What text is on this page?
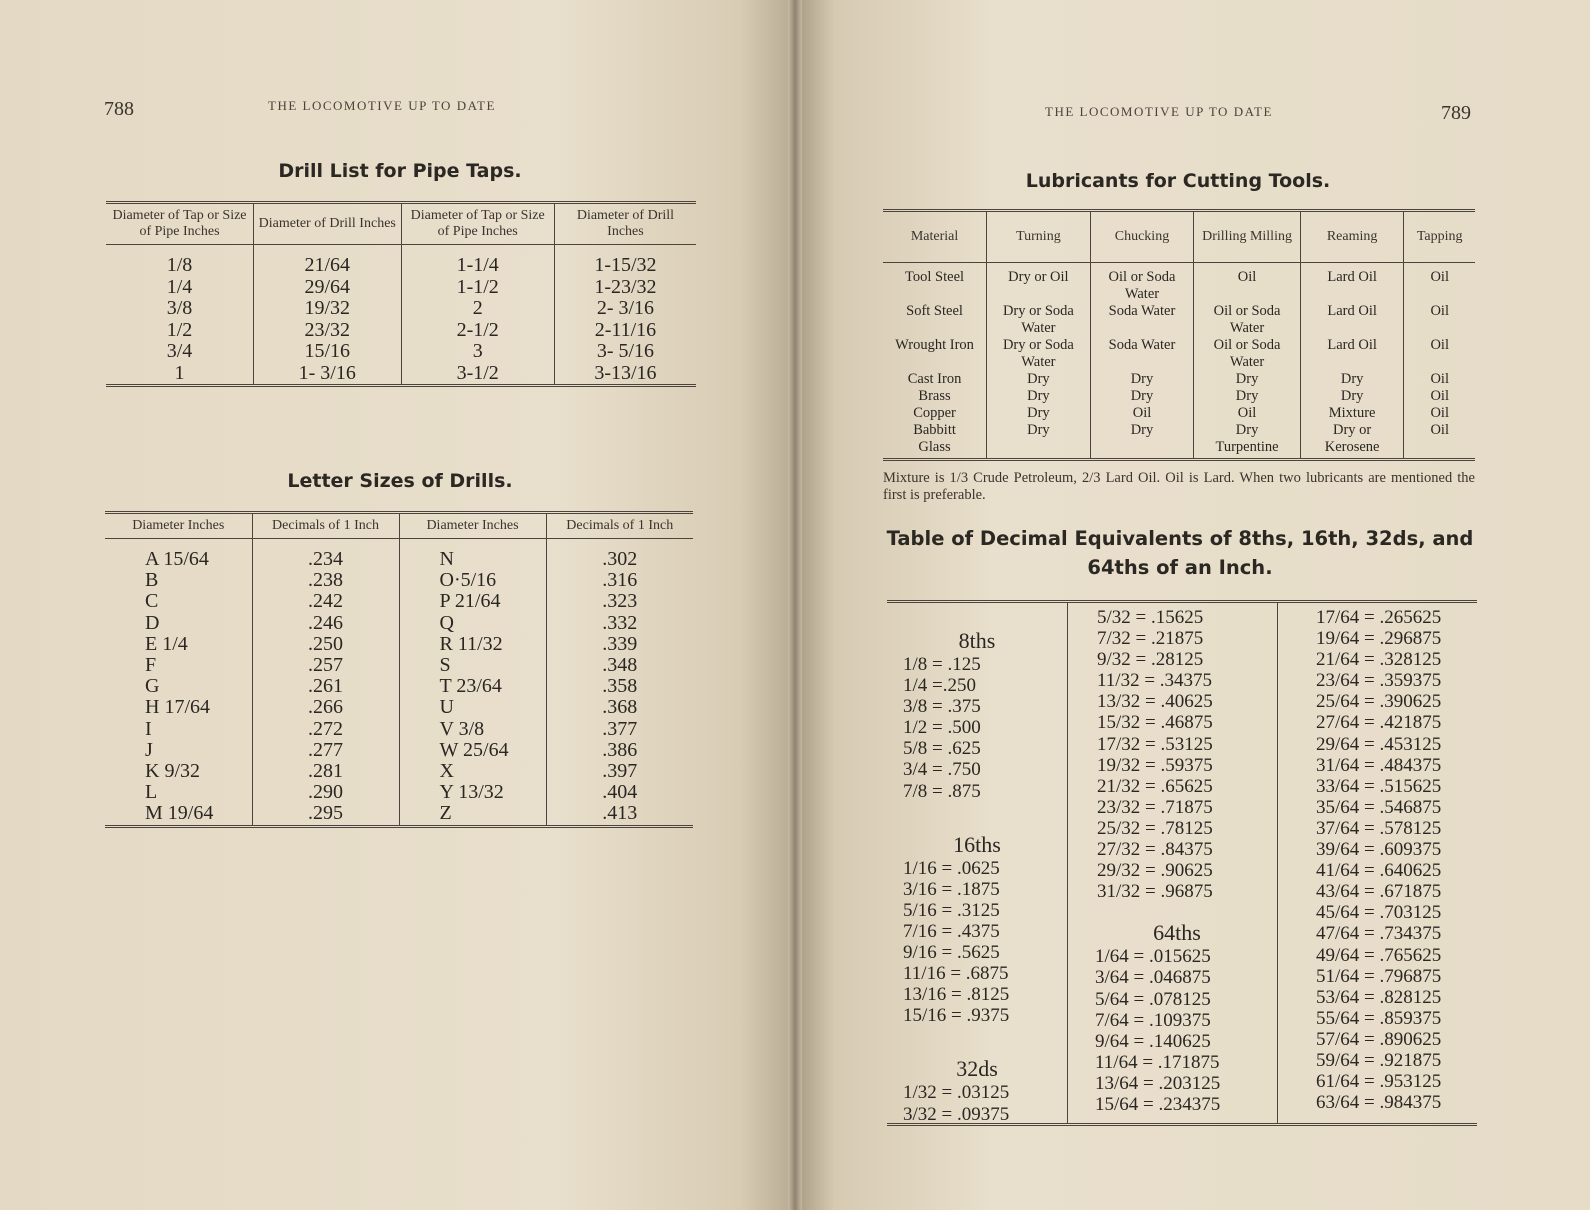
788	THE LOCOMOTIVE UP TO DATE
Drill List for Pipe Taps.
Diameter of Tap or Size of Pipe Inches	Diameter of Drill Inches	Diameter of Tap or Size of Pipe Inches	Diameter of Drill Inches
1/8	21/64	1-1/4	1-15/32
1/4	29/64	1-1/2	1-23/32
3/8	19/32	2	2- 3/16
1/2	23/32	2-1/2	2-11/16
3/4	15/16	3	3- 5/16
1	1- 3/16	3-1/2	3-13/16
Letter Sizes of Drills.
Diameter Inches	Decimals of 1 Inch	Diameter Inches	Decimals of 1 Inch
A 15/64	.234	N	.302
B	.238	O·5/16	.316
C	.242	P 21/64	.323
D	.246	Q	.332
E 1/4	.250	R 11/32	.339
F	.257	S	.348
G	.261	T 23/64	.358
H 17/64	.266	U	.368
I	.272	V 3/8	.377
J	.277	W 25/64	.386
K 9/32	.281	X	.397
L	.290	Y 13/32	.404
M 19/64	.295	Z	.413
THE LOCOMOTIVE UP TO DATE	789
Lubricants for Cutting Tools.
Material	Turning	Chucking	Drilling Milling	Reaming	Tapping
Tool Steel	Dry or Oil	Oil or Soda Water	Oil	Lard Oil	Oil
Soft Steel	Dry or Soda Water	Soda Water	Oil or Soda Water	Lard Oil	Oil
Wrought Iron	Dry or Soda Water	Soda Water	Oil or Soda Water	Lard Oil	Oil
Cast Iron	Dry	Dry	Dry	Dry	Oil
Brass	Dry	Dry	Dry	Dry	Oil
Copper	Dry	Oil	Oil	Mixture	Oil
Babbitt	Dry	Dry	Dry	Dry or	Oil
Glass			Turpentine	Kerosene	
Mixture is 1/3 Crude Petroleum, 2/3 Lard Oil. Oil is Lard. When two lubricants are mentioned the first is preferable.
Table of Decimal Equivalents of 8ths, 16th, 32ds, and 64ths of an Inch.
8ths
1/8 = .125
1/4 =.250
3/8 = .375
1/2 = .500
5/8 = .625
3/4 = .750
7/8 = .875
16ths
1/16 = .0625
3/16 = .1875
5/16 = .3125
7/16 = .4375
9/16 = .5625
11/16 = .6875
13/16 = .8125
15/16 = .9375
32ds
1/32 = .03125
3/32 = .09375
5/32 = .15625
7/32 = .21875
9/32 = .28125
11/32 = .34375
13/32 = .40625
15/32 = .46875
17/32 = .53125
19/32 = .59375
21/32 = .65625
23/32 = .71875
25/32 = .78125
27/32 = .84375
29/32 = .90625
31/32 = .96875
64ths
1/64 = .015625
3/64 = .046875
5/64 = .078125
7/64 = .109375
9/64 = .140625
11/64 = .171875
13/64 = .203125
15/64 = .234375
17/64 = .265625
19/64 = .296875
21/64 = .328125
23/64 = .359375
25/64 = .390625
27/64 = .421875
29/64 = .453125
31/64 = .484375
33/64 = .515625
35/64 = .546875
37/64 = .578125
39/64 = .609375
41/64 = .640625
43/64 = .671875
45/64 = .703125
47/64 = .734375
49/64 = .765625
51/64 = .796875
53/64 = .828125
55/64 = .859375
57/64 = .890625
59/64 = .921875
61/64 = .953125
63/64 = .984375
